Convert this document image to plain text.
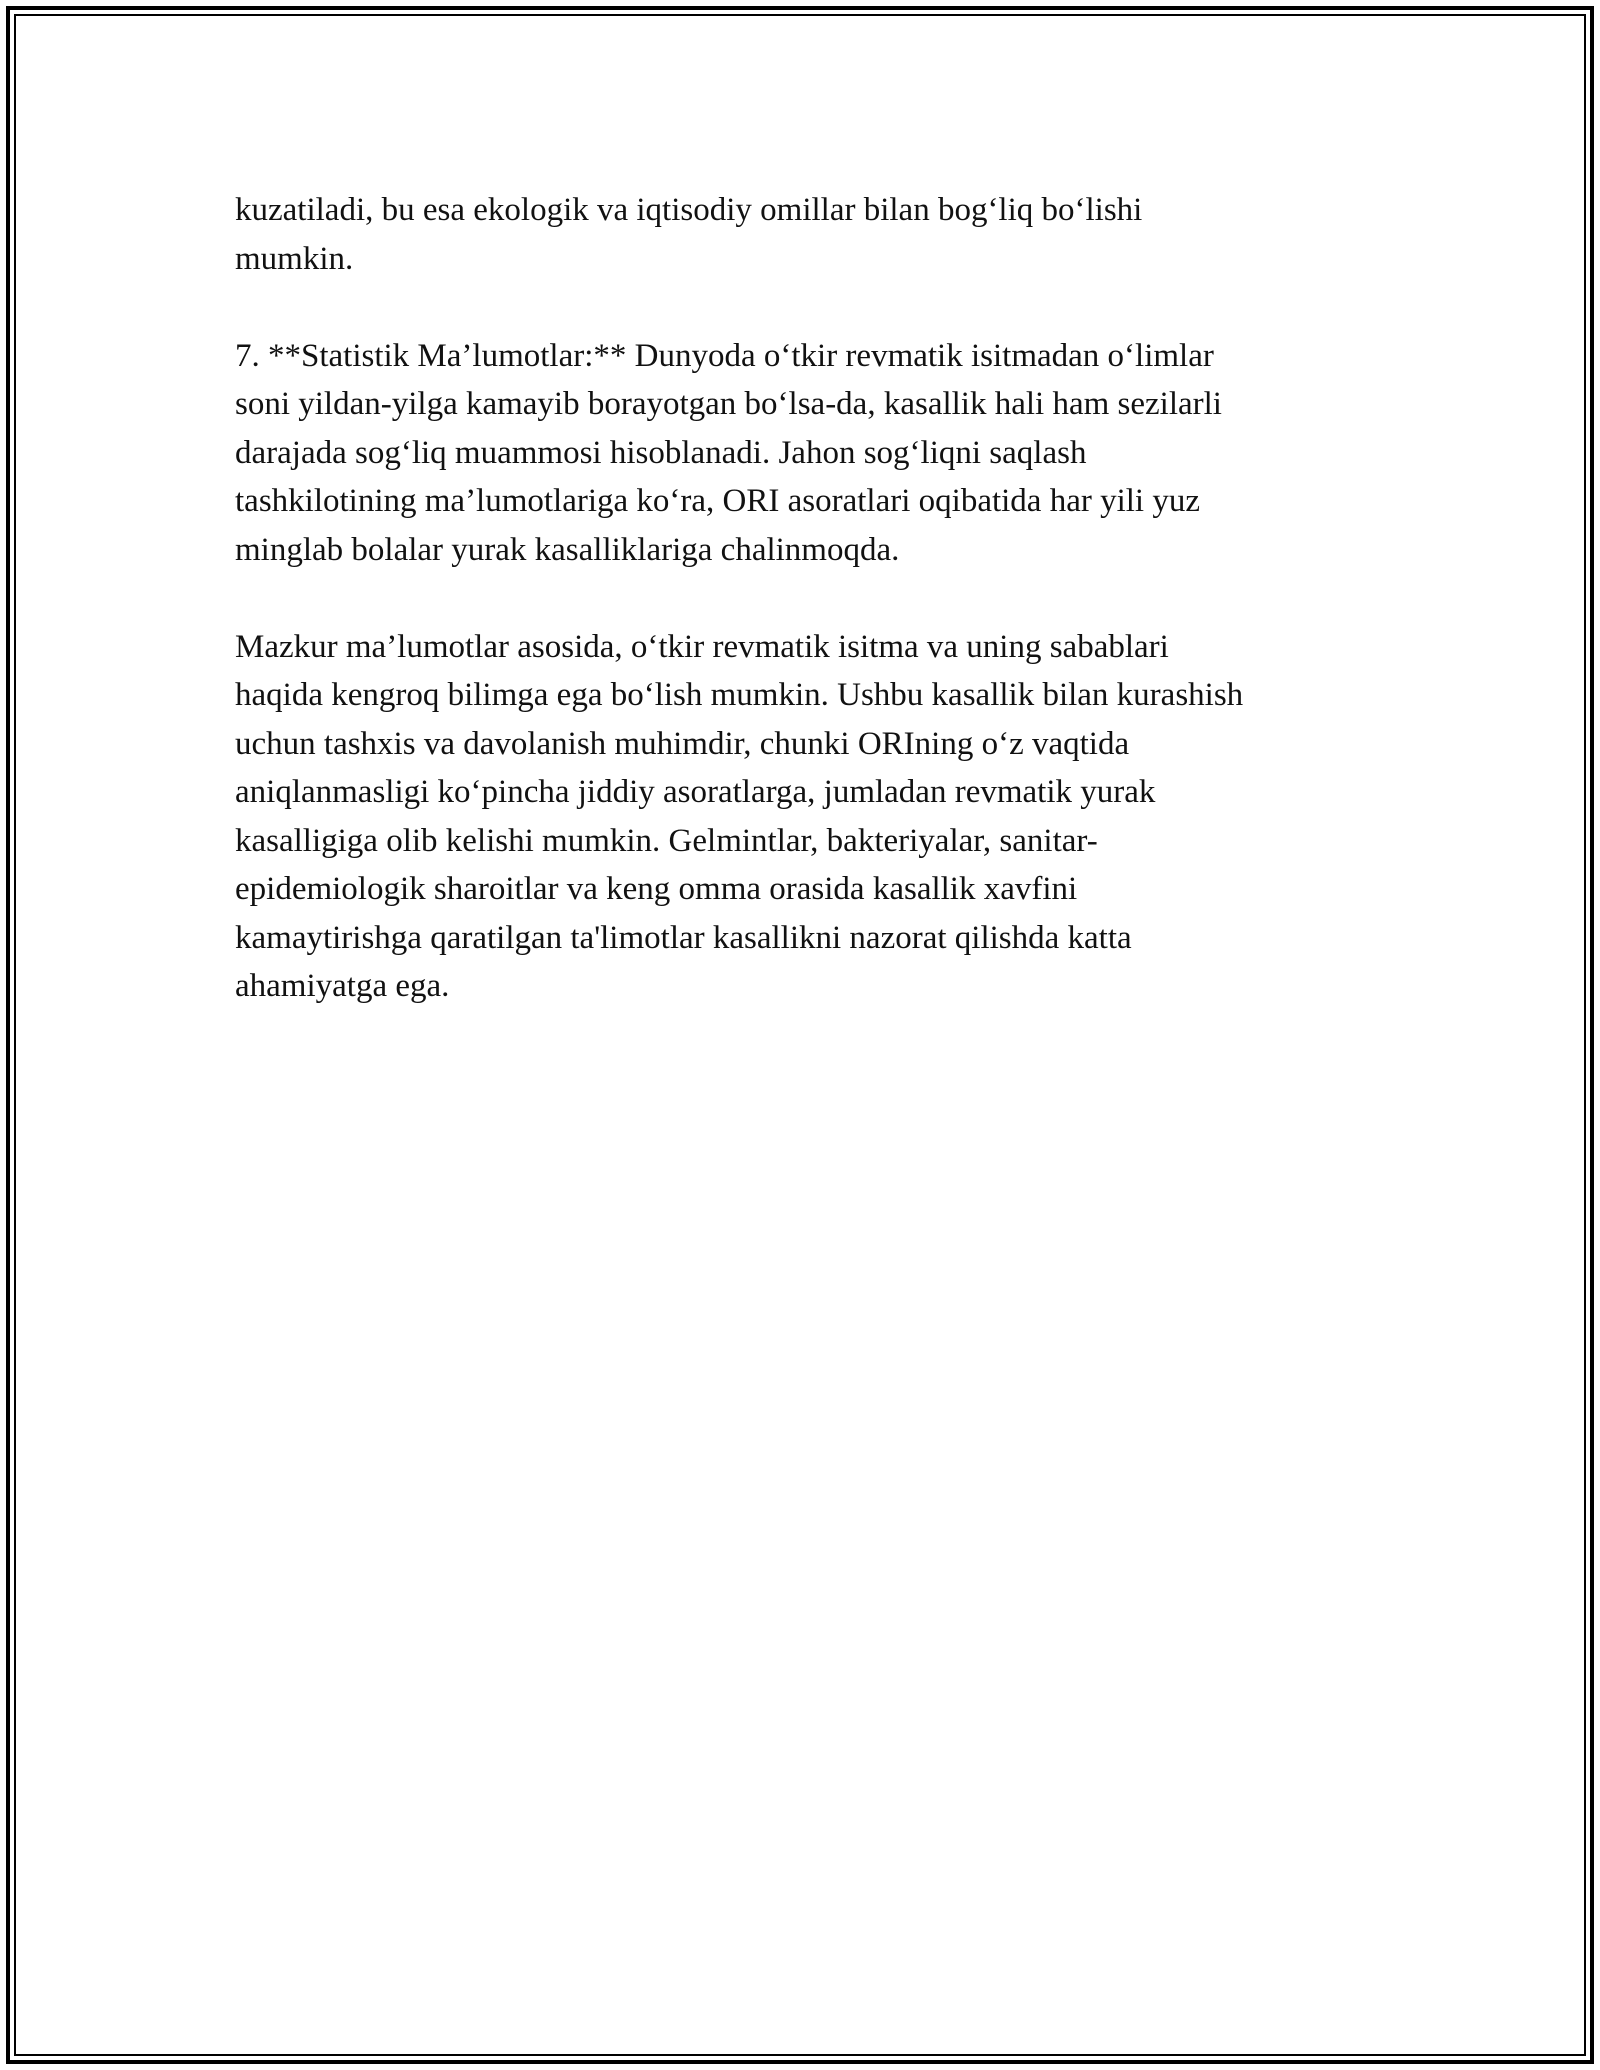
kuzatiladi, bu esa ekologik va iqtisodiy omillar bilan bog‘liq bo‘lishi
mumkin.

7. **Statistik Ma’lumotlar:** Dunyoda o‘tkir revmatik isitmadan o‘limlar
soni yildan-yilga kamayib borayotgan bo‘lsa-da, kasallik hali ham sezilarli
darajada sog‘liq muammosi hisoblanadi. Jahon sog‘liqni saqlash
tashkilotining ma’lumotlariga ko‘ra, ORI asoratlari oqibatida har yili yuz
minglab bolalar yurak kasalliklariga chalinmoqda.

Mazkur ma’lumotlar asosida, o‘tkir revmatik isitma va uning sabablari
haqida kengroq bilimga ega bo‘lish mumkin. Ushbu kasallik bilan kurashish
uchun tashxis va davolanish muhimdir, chunki ORIning o‘z vaqtida
aniqlanmasligi ko‘pincha jiddiy asoratlarga, jumladan revmatik yurak
kasalligiga olib kelishi mumkin. Gelmintlar, bakteriyalar, sanitar-
epidemiologik sharoitlar va keng omma orasida kasallik xavfini
kamaytirishga qaratilgan ta'limotlar kasallikni nazorat qilishda katta
ahamiyatga ega.
